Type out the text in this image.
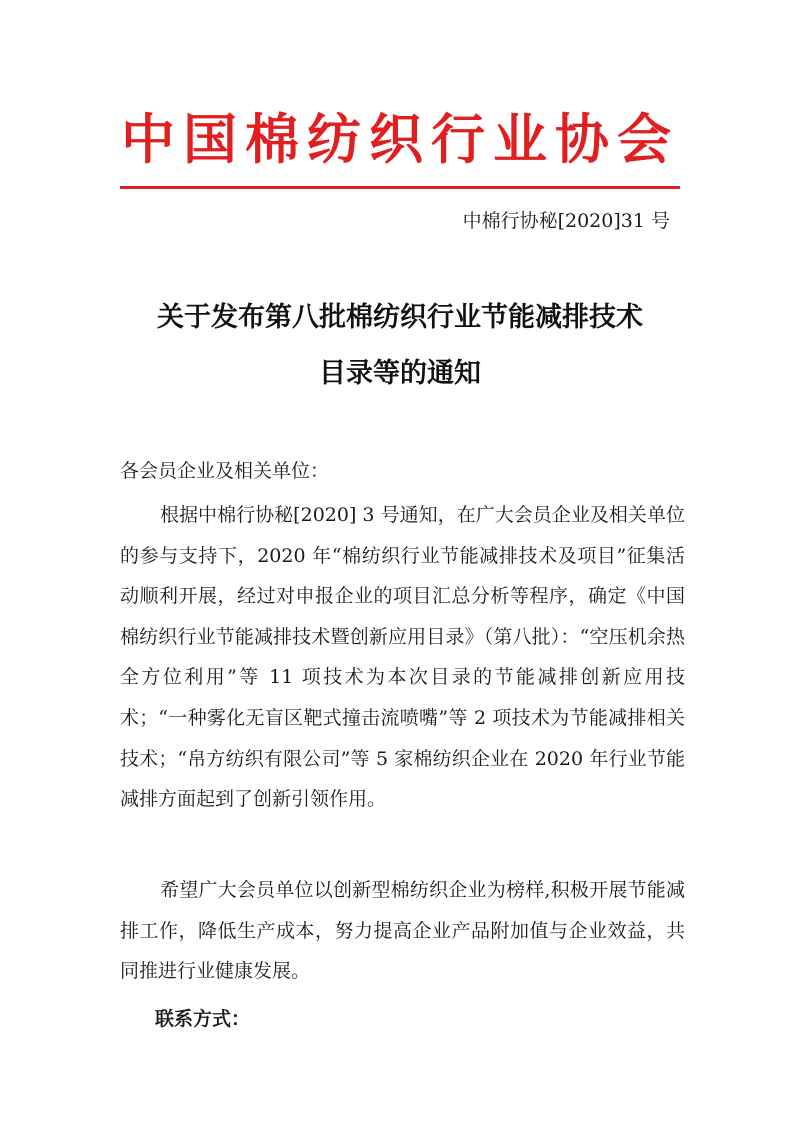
中国棉纺织行业协会
中棉行协秘[2020]31 号
关于发布第八批棉纺织行业节能减排技术
目录等的通知
各会员企业及相关单位：
根据中棉行协秘[2020] 3 号通知，在广大会员企业及相关单位的参与支持下，2020 年“棉纺织行业节能减排技术及项目”征集活动顺利开展，经过对申报企业的项目汇总分析等程序，确定《中国棉纺织行业节能减排技术暨创新应用目录》（第八批）：“空压机余热全方位利用”等 11 项技术为本次目录的节能减排创新应用技术；“一种雾化无盲区靶式撞击流喷嘴”等 2 项技术为节能减排相关技术；“帛方纺织有限公司”等 5 家棉纺织企业在 2020 年行业节能减排方面起到了创新引领作用。
希望广大会员单位以创新型棉纺织企业为榜样,积极开展节能减排工作，降低生产成本，努力提高企业产品附加值与企业效益，共同推进行业健康发展。
联系方式：
